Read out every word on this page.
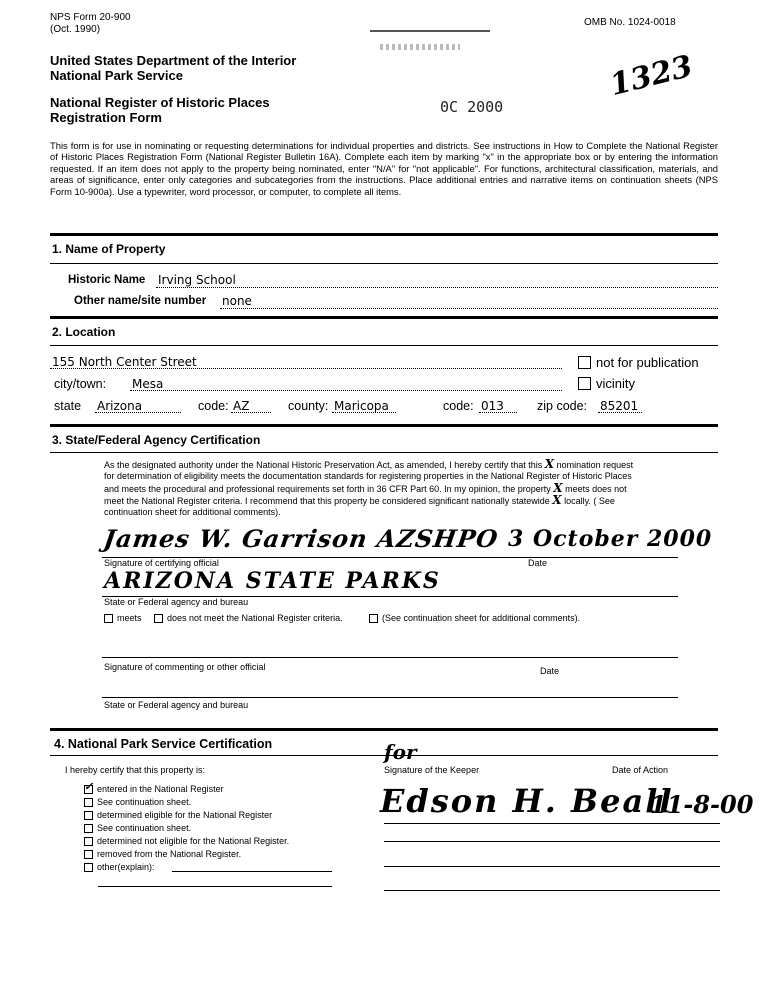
NPS Form 20-900
(Oct. 1990)
OMB No. 1024-0018
United States Department of the Interior
National Park Service
National Register of Historic Places
Registration Form
0C 2000
1323
This form is for use in nominating or requesting determinations for individual properties and districts. See instructions in How to Complete the National Register of Historic Places Registration Form (National Register Bulletin 16A). Complete each item by marking "x" in the appropriate box or by entering the information requested. If an item does not apply to the property being nominated, enter "N/A" for "not applicable". For functions, architectural classification, materials, and areas of significance, enter only categories and subcategories from the instructions. Place additional entries and narrative items on continuation sheets (NPS Form 10-900a). Use a typewriter, word processor, or computer, to complete all items.
1. Name of Property
Historic Name Irving School
Other name/site number none
2. Location
155 North Center Street	not for publication
city/town: Mesa	vicinity
state Arizona	code: AZ	county: Maricopa	code: 013	zip code: 85201
3. State/Federal Agency Certification
As the designated authority under the National Historic Preservation Act, as amended, I hereby certify that this X nomination request
for determination of eligibility meets the documentation standards for registering properties in the National Register of Historic Places
and meets the procedural and professional requirements set forth in 36 CFR Part 60. In my opinion, the property X meets does not
meet the National Register criteria. I recommend that this property be considered significant nationally statewide X locally. ( See
continuation sheet for additional comments).
James W. Garrison AZSHPO 3 October 2000
Signature of certifying official	Date
ARIZONA STATE PARKS
State or Federal agency and bureau
meets	does not meet the National Register criteria.	(See continuation sheet for additional comments).
Signature of commenting or other official	Date
State or Federal agency and bureau
4. National Park Service Certification
I hereby certify that this property is:
✓ entered in the National Register
See continuation sheet.
determined eligible for the National Register
See continuation sheet.
determined not eligible for the National Register.
removed from the National Register.
other(explain):
for
Signature of the Keeper	Date of Action
Edson H. Beall
11-8-00
